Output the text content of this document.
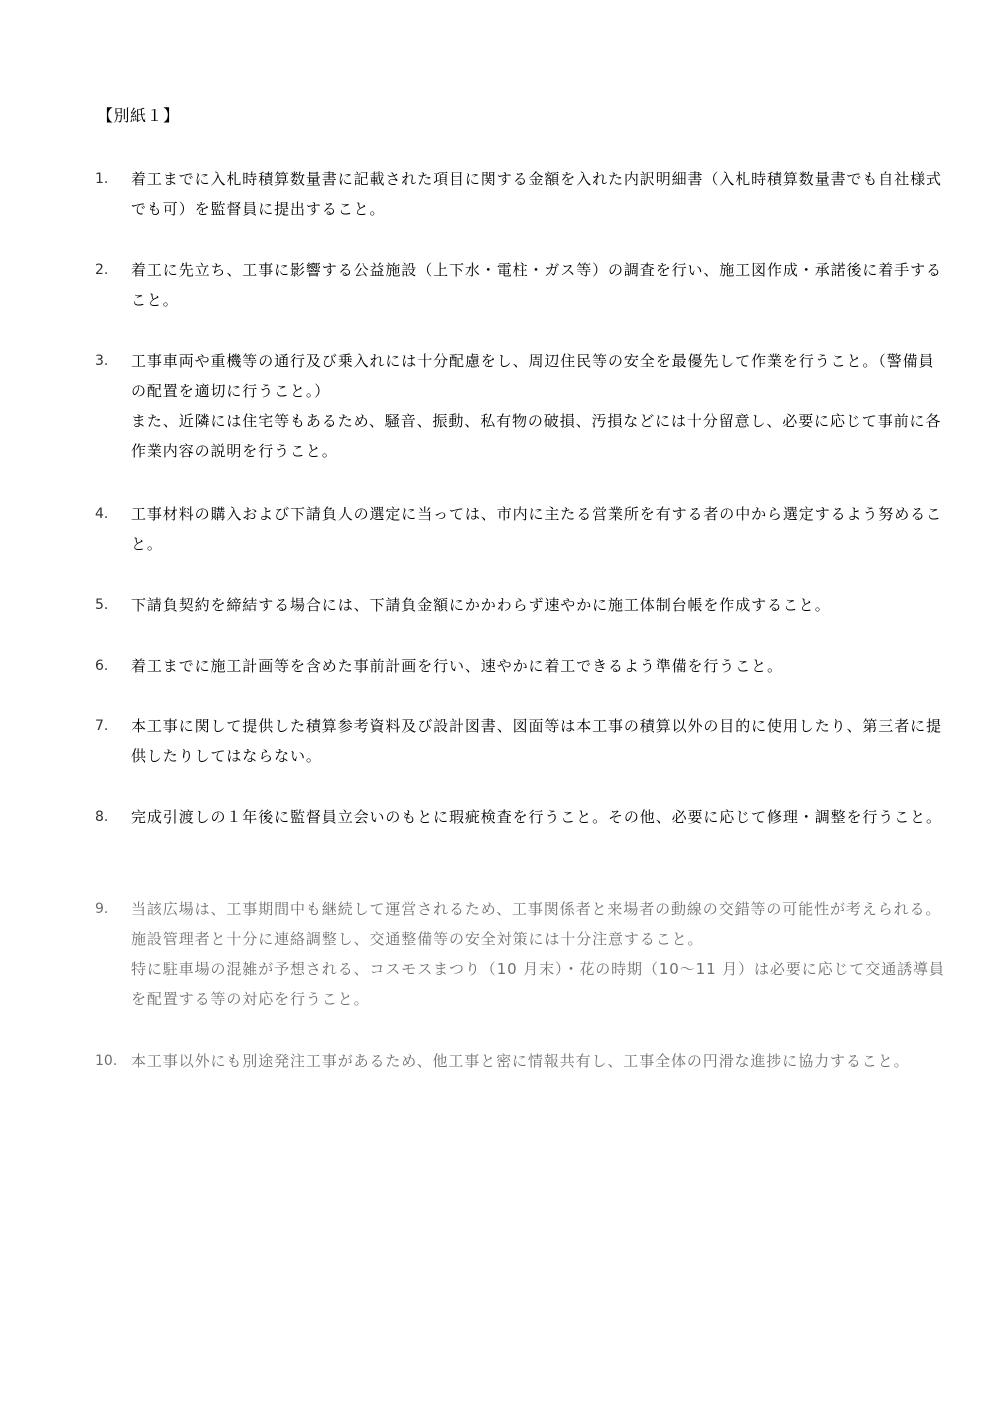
【別紙１】
1.	着工までに入札時積算数量書に記載された項目に関する金額を入れた内訳明細書（入札時積算数量書でも自社様式でも可）を監督員に提出すること。
2.	着工に先立ち、工事に影響する公益施設（上下水・電柱・ガス等）の調査を行い、施工図作成・承諾後に着手すること。
3.	工事車両や重機等の通行及び乗入れには十分配慮をし、周辺住民等の安全を最優先して作業を行うこと。（警備員の配置を適切に行うこと。）
また、近隣には住宅等もあるため、騒音、振動、私有物の破損、汚損などには十分留意し、必要に応じて事前に各作業内容の説明を行うこと。
4.	工事材料の購入および下請負人の選定に当っては、市内に主たる営業所を有する者の中から選定するよう努めること。
5.	下請負契約を締結する場合には、下請負金額にかかわらず速やかに施工体制台帳を作成すること。
6.	着工までに施工計画等を含めた事前計画を行い、速やかに着工できるよう準備を行うこと。
7.	本工事に関して提供した積算参考資料及び設計図書、図面等は本工事の積算以外の目的に使用したり、第三者に提供したりしてはならない。
8.	完成引渡しの１年後に監督員立会いのもとに瑕疵検査を行うこと。その他、必要に応じて修理・調整を行うこと。
9.	当該広場は、工事期間中も継続して運営されるため、工事関係者と来場者の動線の交錯等の可能性が考えられる。施設管理者と十分に連絡調整し、交通整備等の安全対策には十分注意すること。
特に駐車場の混雑が予想される、コスモスまつり（10 月末）・花の時期（10～11 月）は必要に応じて交通誘導員を配置する等の対応を行うこと。
10. 本工事以外にも別途発注工事があるため、他工事と密に情報共有し、工事全体の円滑な進捗に協力すること。
